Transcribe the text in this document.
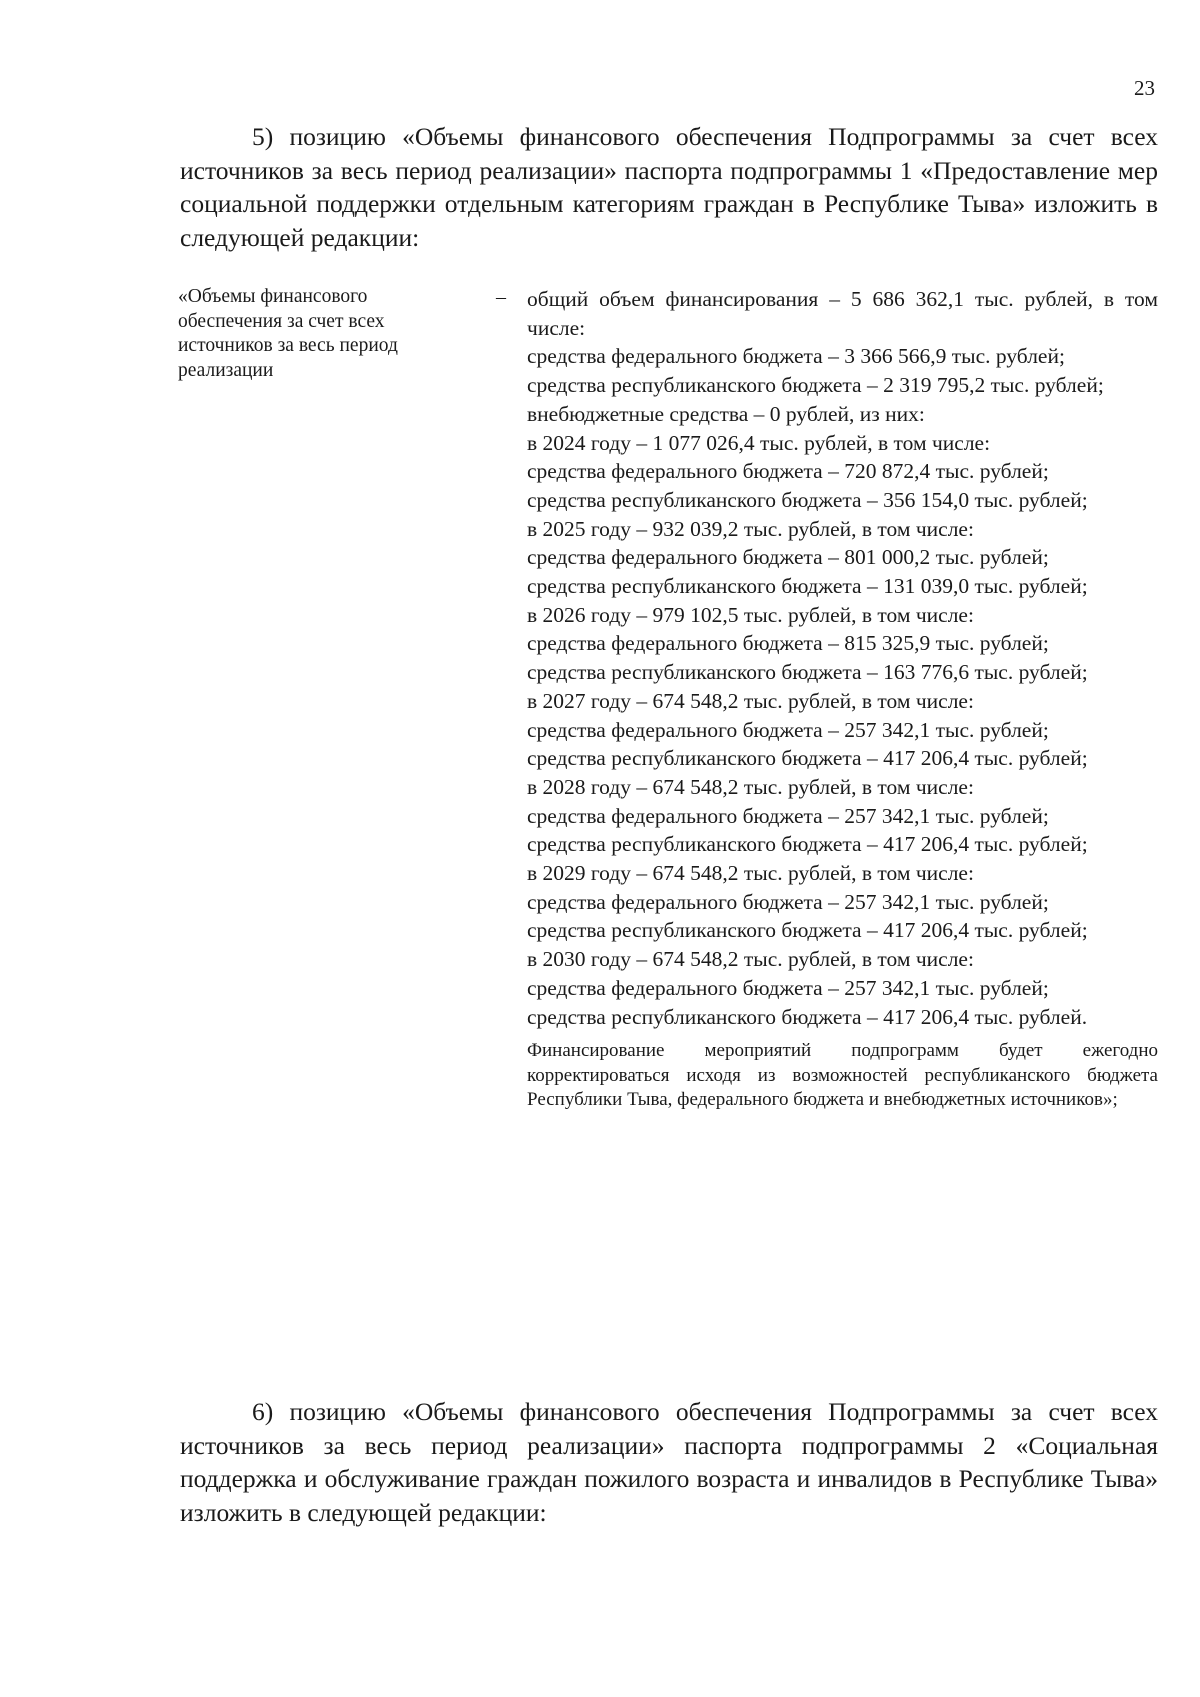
23

5) позицию «Объемы финансового обеспечения Подпрограммы за счет всех источников за весь период реализации» паспорта подпрограммы 1 «Предоставление мер социальной поддержки отдельным категориям граждан в Республике Тыва» изложить в следующей редакции:

«Объемы финансового обеспечения за счет всех источников за весь период реализации
– общий объем финансирования – 5 686 362,1 тыс. рублей, в том числе:
средства федерального бюджета – 3 366 566,9 тыс. рублей;
средства республиканского бюджета – 2 319 795,2 тыс. рублей;
внебюджетные средства – 0 рублей, из них:
в 2024 году – 1 077 026,4 тыс. рублей, в том числе:
средства федерального бюджета – 720 872,4 тыс. рублей;
средства республиканского бюджета – 356 154,0 тыс. рублей;
в 2025 году – 932 039,2 тыс. рублей, в том числе:
средства федерального бюджета – 801 000,2 тыс. рублей;
средства республиканского бюджета – 131 039,0 тыс. рублей;
в 2026 году – 979 102,5 тыс. рублей, в том числе:
средства федерального бюджета – 815 325,9 тыс. рублей;
средства республиканского бюджета – 163 776,6 тыс. рублей;
в 2027 году – 674 548,2 тыс. рублей, в том числе:
средства федерального бюджета – 257 342,1 тыс. рублей;
средства республиканского бюджета – 417 206,4 тыс. рублей;
в 2028 году – 674 548,2 тыс. рублей, в том числе:
средства федерального бюджета – 257 342,1 тыс. рублей;
средства республиканского бюджета – 417 206,4 тыс. рублей;
в 2029 году – 674 548,2 тыс. рублей, в том числе:
средства федерального бюджета – 257 342,1 тыс. рублей;
средства республиканского бюджета – 417 206,4 тыс. рублей;
в 2030 году – 674 548,2 тыс. рублей, в том числе:
средства федерального бюджета – 257 342,1 тыс. рублей;
средства республиканского бюджета – 417 206,4 тыс. рублей.
Финансирование мероприятий подпрограмм будет ежегодно корректироваться исходя из возможностей республиканского бюджета Республики Тыва, федерального бюджета и внебюджетных источников»;

6) позицию «Объемы финансового обеспечения Подпрограммы за счет всех источников за весь период реализации» паспорта подпрограммы 2 «Социальная поддержка и обслуживание граждан пожилого возраста и инвалидов в Республике Тыва» изложить в следующей редакции:
